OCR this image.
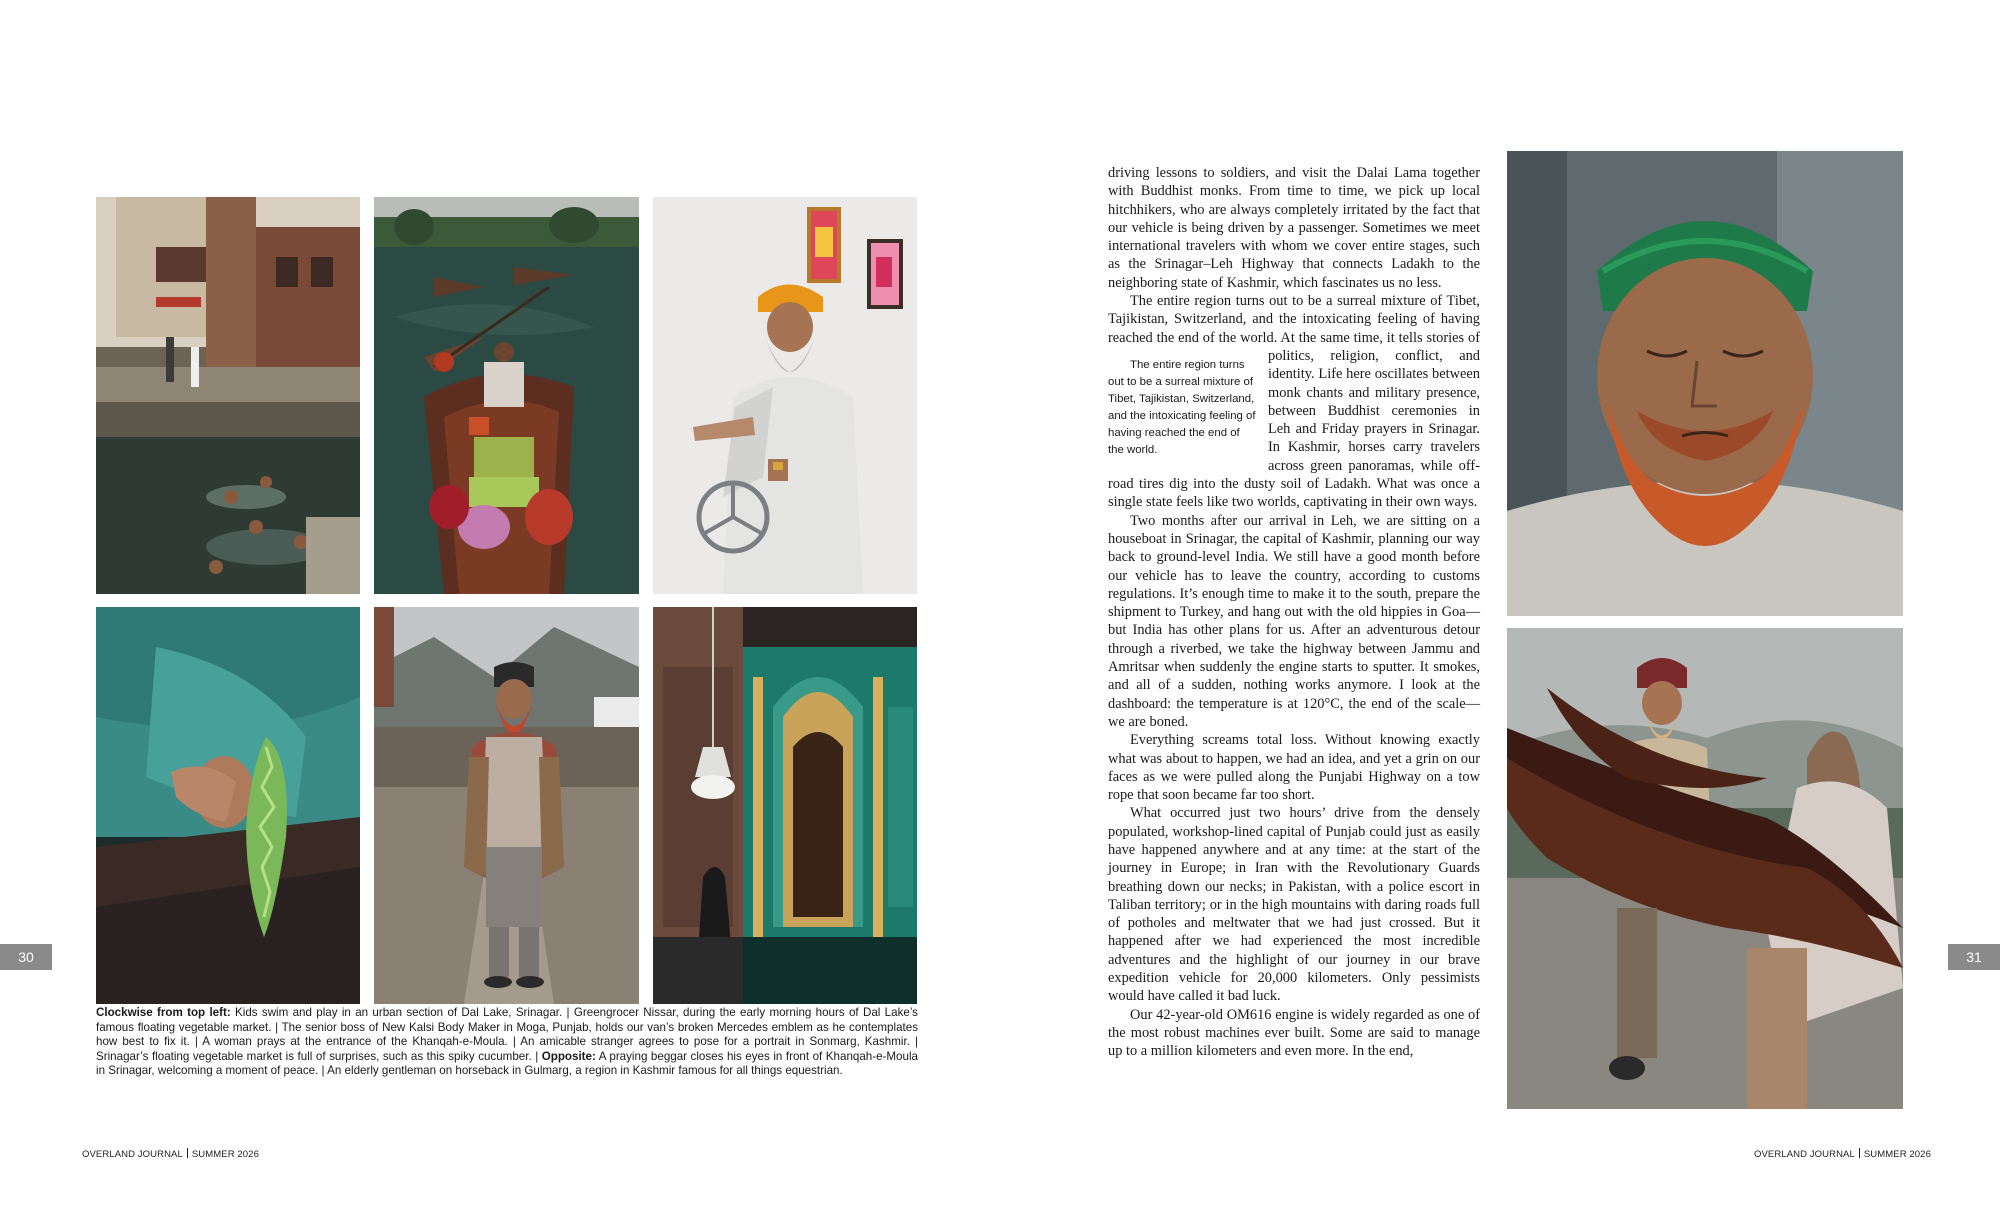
Clockwise from top left: Kids swim and play in an urban section of Dal Lake, Srinagar. | Greengrocer Nissar, during the early morning hours of Dal Lake’s famous floating vegetable market. | The senior boss of New Kalsi Body Maker in Moga, Punjab, holds our van’s broken Mercedes emblem as he contemplates how best to fix it. | A woman prays at the entrance of the Khanqah-e-Moula. | An amicable stranger agrees to pose for a portrait in Sonmarg, Kashmir. | Srinagar’s floating vegetable market is full of surprises, such as this spiky cucumber. | Opposite: A praying beggar closes his eyes in front of Khanqah-e-Moula in Srinagar, welcoming a moment of peace. | An elderly gentleman on horseback in Gulmarg, a region in Kashmir famous for all things equestrian.
30	31
OVERLAND JOURNAL SUMMER 2026	OVERLAND JOURNAL SUMMER 2026

driving lessons to soldiers, and visit the Dalai Lama together with Buddhist monks. From time to time, we pick up local hitchhikers, who are always completely irritated by the fact that our vehicle is being driven by a passenger. Sometimes we meet international travelers with whom we cover entire stages, such as the Srinagar–Leh Highway that connects Ladakh to the neighboring state of Kashmir, which fascinates us no less.

The entire region turns out to be a surreal mixture of Tibet, Tajikistan, Switzerland, and the intoxicating feeling of having reached the end of the world. At the same time, it tells
The entire region turns out to be a surreal mixture of Tibet, Tajikistan, Switzerland, and the intoxicating feeling of having reached the end of the world.
stories of politics, religion, conflict, and identity. Life here oscillates between monk chants and military presence, between Buddhist ceremonies in Leh and Friday prayers in Srinagar. In Kashmir, horses carry travelers across green panoramas, while off-road tires dig into the dusty soil of Ladakh. What was once a single state feels like two worlds, captivating in their own ways.

Two months after our arrival in Leh, we are sitting on a houseboat in Srinagar, the capital of Kashmir, planning our way back to ground-level India. We still have a good month before our vehicle has to leave the country, according to customs regulations. It’s enough time to make it to the south, prepare the shipment to Turkey, and hang out with the old hippies in Goa—but India has other plans for us. After an adventurous detour through a riverbed, we take the highway between Jammu and Amritsar when suddenly the engine starts to sputter. It smokes, and all of a sudden, nothing works anymore. I look at the dashboard: the temperature is at 120°C, the end of the scale—we are boned.

Everything screams total loss. Without knowing exactly what was about to happen, we had an idea, and yet a grin on our faces as we were pulled along the Punjabi Highway on a tow rope that soon became far too short.

What occurred just two hours’ drive from the densely populated, workshop-lined capital of Punjab could just as easily have happened anywhere and at any time: at the start of the journey in Europe; in Iran with the Revolutionary Guards breathing down our necks; in Pakistan, with a police escort in Taliban territory; or in the high mountains with daring roads full of potholes and meltwater that we had just crossed. But it happened after we had experienced the most incredible adventures and the highlight of our journey in our brave expedition vehicle for 20,000 kilometers. Only pessimists would have called it bad luck.

Our 42-year-old OM616 engine is widely regarded as one of the most robust machines ever built. Some are said to manage up to a million kilometers and even more. In the end,
